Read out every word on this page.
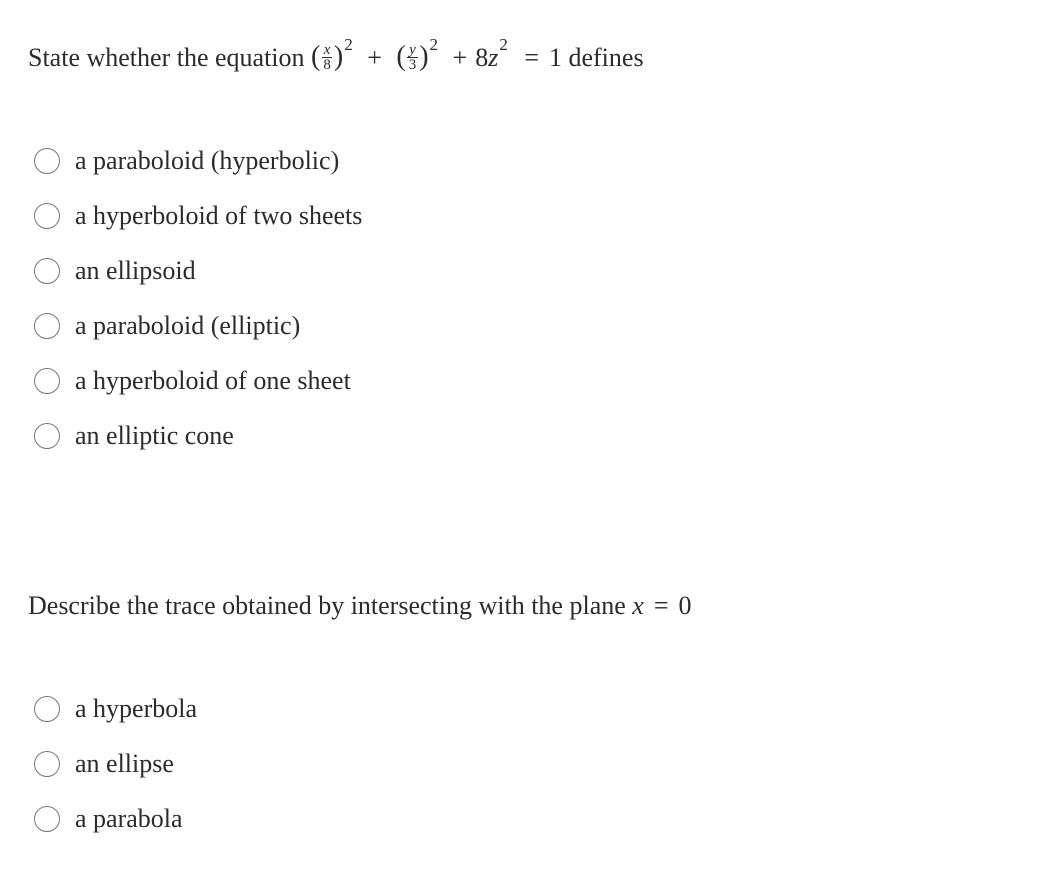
State whether the equation ( $\frac{x}{8} )^2$ + ( $\frac{y}{3} )^2 + 8z^2 = 1$ defines
a paraboloid (hyperbolic)
a hyperboloid of two sheets
an ellipsoid
a paraboloid (elliptic)
a hyperboloid of one sheet
an elliptic cone
Describe the trace obtained by intersecting with the plane x = 0
a hyperbola
an ellipse
a parabola
